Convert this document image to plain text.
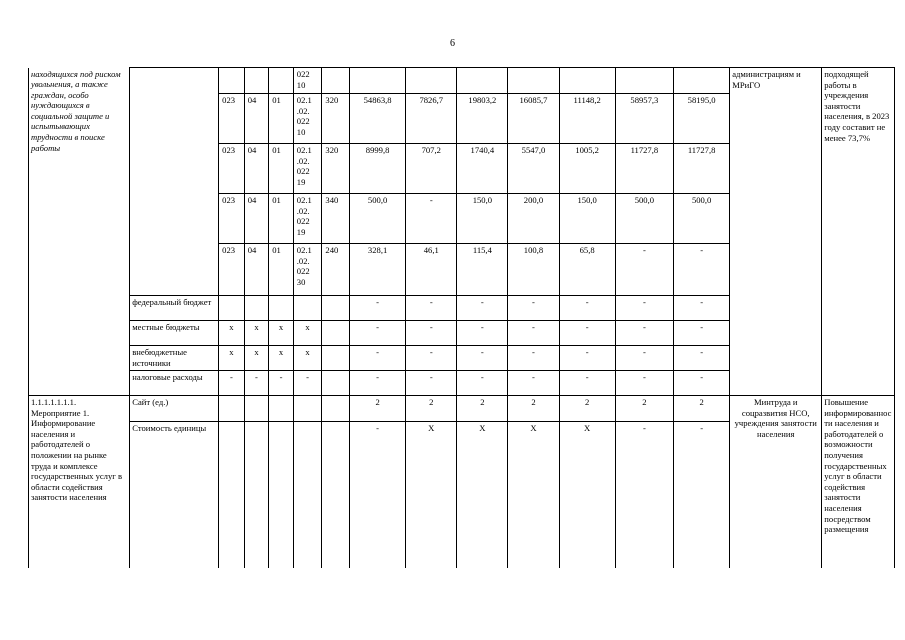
6
находящихся под риском увольнения, а также граждан, особо нуждающихся в социальной защите и испытывающих трудности в поиске работы					022
10									администрациям и МРиГО	подходящей работы в учреждения занятости населения, в 2023 году составит не менее 73,7%
		023	04	01	02.1
.02.
022
10	320	54863,8	7826,7	19803,2	16085,7	11148,2	58957,3	58195,0		
		023	04	01	02.1
.02.
022
19	320	8999,8	707,2	1740,4	5547,0	1005,2	11727,8	11727,8		
		023	04	01	02.1
.02.
022
19	340	500,0	-	150,0	200,0	150,0	500,0	500,0		
		023	04	01	02.1
.02.
022
30	240	328,1	46,1	115,4	100,8	65,8	-	-		
	федеральный бюджет						-	-	-	-	-	-	-		
	местные бюджеты	x	x	x	x		-	-	-	-	-	-	-		
	внебюджетные источники	x	x	x	x		-	-	-	-	-	-	-		
	налоговые расходы	-	-	-	-		-	-	-	-	-	-	-		
1.1.1.1.1.1.1. Мероприятие 1. Информирование населения и работодателей о положении на рынке труда и комплексе государственных услуг в области содействия занятости населения	Сайт (ед.)						2	2	2	2	2	2	2	Минтруда и соцразвития НСО, учреждения занятости населения	Повышение информированности населения и работодателей о возможности получения государственных услуг в области содействия занятости населения посредством размещения
	Стоимость единицы						-	X	X	X	X	-	-		
